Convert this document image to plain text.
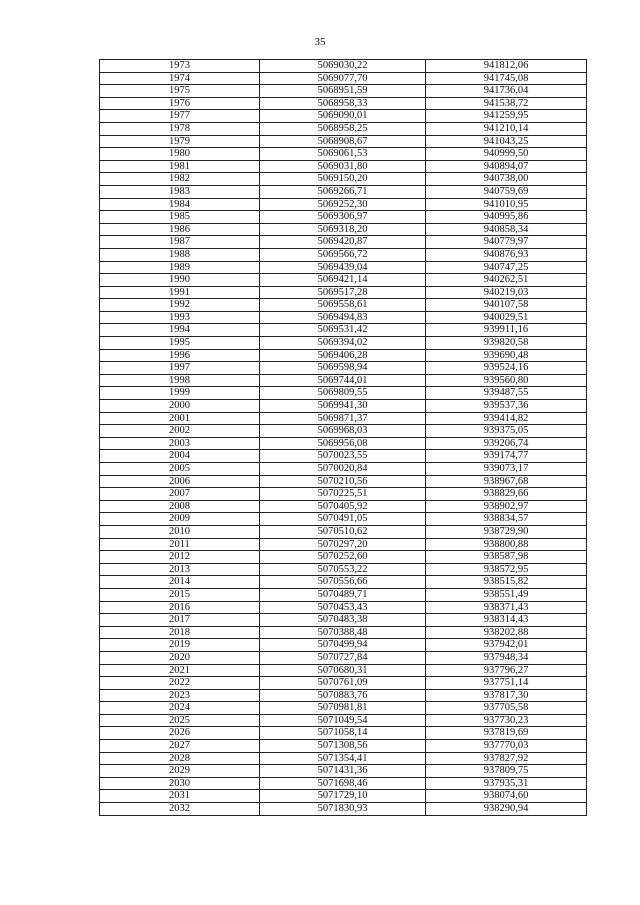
35
1973	5069030,22	941812,06
1974	5069077,70	941745,08
1975	5068951,59	941736,04
1976	5068958,33	941538,72
1977	5069090,01	941259,95
1978	5068958,25	941210,14
1979	5068908,67	941043,25
1980	5069061,53	940999,50
1981	5069031,80	940894,07
1982	5069150,20	940738,00
1983	5069266,71	940759,69
1984	5069252,30	941010,95
1985	5069306,97	940995,86
1986	5069318,20	940858,34
1987	5069420,87	940779,97
1988	5069566,72	940876,93
1989	5069439,04	940747,25
1990	5069421,14	940262,51
1991	5069517,28	940219,03
1992	5069558,61	940107,58
1993	5069494,83	940029,51
1994	5069531,42	939911,16
1995	5069394,02	939820,58
1996	5069406,28	939690,48
1997	5069598,94	939524,16
1998	5069744,01	939560,80
1999	5069809,55	939487,55
2000	5069941,30	939537,36
2001	5069871,37	939414,82
2002	5069968,03	939375,05
2003	5069956,08	939206,74
2004	5070023,55	939174,77
2005	5070020,84	939073,17
2006	5070210,56	938967,68
2007	5070225,51	938829,66
2008	5070405,92	938902,97
2009	5070491,05	938834,57
2010	5070510,62	938729,90
2011	5070297,20	938800,88
2012	5070252,60	938587,98
2013	5070553,22	938572,95
2014	5070556,66	938515,82
2015	5070489,71	938551,49
2016	5070453,43	938371,43
2017	5070483,38	938314,43
2018	5070388,48	938202,88
2019	5070499,94	937942,01
2020	5070727,84	937948,34
2021	5070680,31	937796,27
2022	5070761,09	937751,14
2023	5070883,76	937817,30
2024	5070981,81	937705,58
2025	5071049,54	937730,23
2026	5071058,14	937819,69
2027	5071308,56	937770,03
2028	5071354,41	937827,92
2029	5071431,36	937809,75
2030	5071698,46	937935,31
2031	5071729,10	938074,60
2032	5071830,93	938290,94
